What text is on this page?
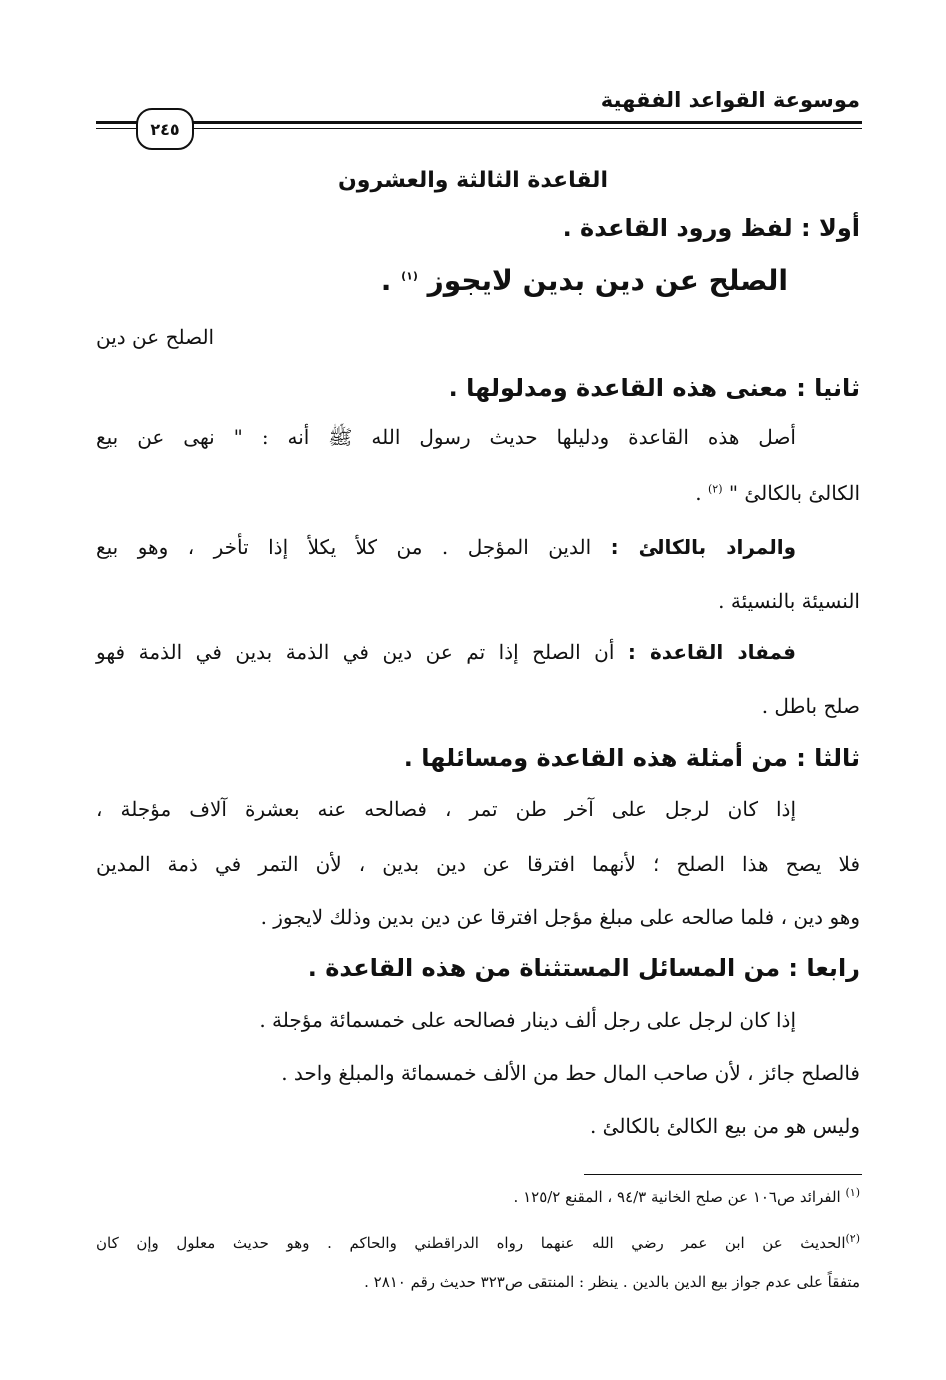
موسوعة القواعد الفقهية
٢٤٥
القاعدة الثالثة والعشرون
أولا : لفظ ورود القاعدة .
الصلح عن دين بدين لايجوز $^{(١)}$ .
الصلح عن دين
ثانيا : معنى هذه القاعدة ومدلولها .
أصل هذه القاعدة ودليلها حديث رسول الله ﷺ أنه : " نهى عن بيع
الكالئ بالكالئ " $^{(٢)}$ .
والمراد بالكالئ : الدين المؤجل . من كلأ يكلأ إذا تأخر ، وهو بيع
النسيئة بالنسيئة .
فمفاد القاعدة : أن الصلح إذا تم عن دين في الذمة بدين في الذمة فهو
صلح باطل .
ثالثا : من أمثلة هذه القاعدة ومسائلها .
إذا كان لرجل على آخر طن تمر ، فصالحه عنه بعشرة آلاف مؤجلة ،
فلا يصح هذا الصلح ؛ لأنهما افترقا عن دين بدين ، لأن التمر في ذمة المدين
وهو دين ، فلما صالحه على مبلغ مؤجل افترقا عن دين بدين وذلك لايجوز .
رابعا : من المسائل المستثناة من هذه القاعدة .
إذا كان لرجل على رجل ألف دينار فصالحه على خمسمائة مؤجلة .
فالصلح جائز ، لأن صاحب المال حط من الألف خمسمائة والمبلغ واحد .
وليس هو من بيع الكالئ بالكالئ .
$^{(١)}$ الفرائد ص١٠٦ عن صلح الخانية ٩٤/٣ ، المقنع ١٢٥/٢ .
$^{(٢)}$الحديث عن ابن عمر رضي الله عنهما رواه الدراقطني والحاكم . وهو حديث معلول وإن كان
متفقاً على عدم جواز بيع الدين بالدين . ينظر : المنتقى ص٣٢٣ حديث رقم ٢٨١٠ .
